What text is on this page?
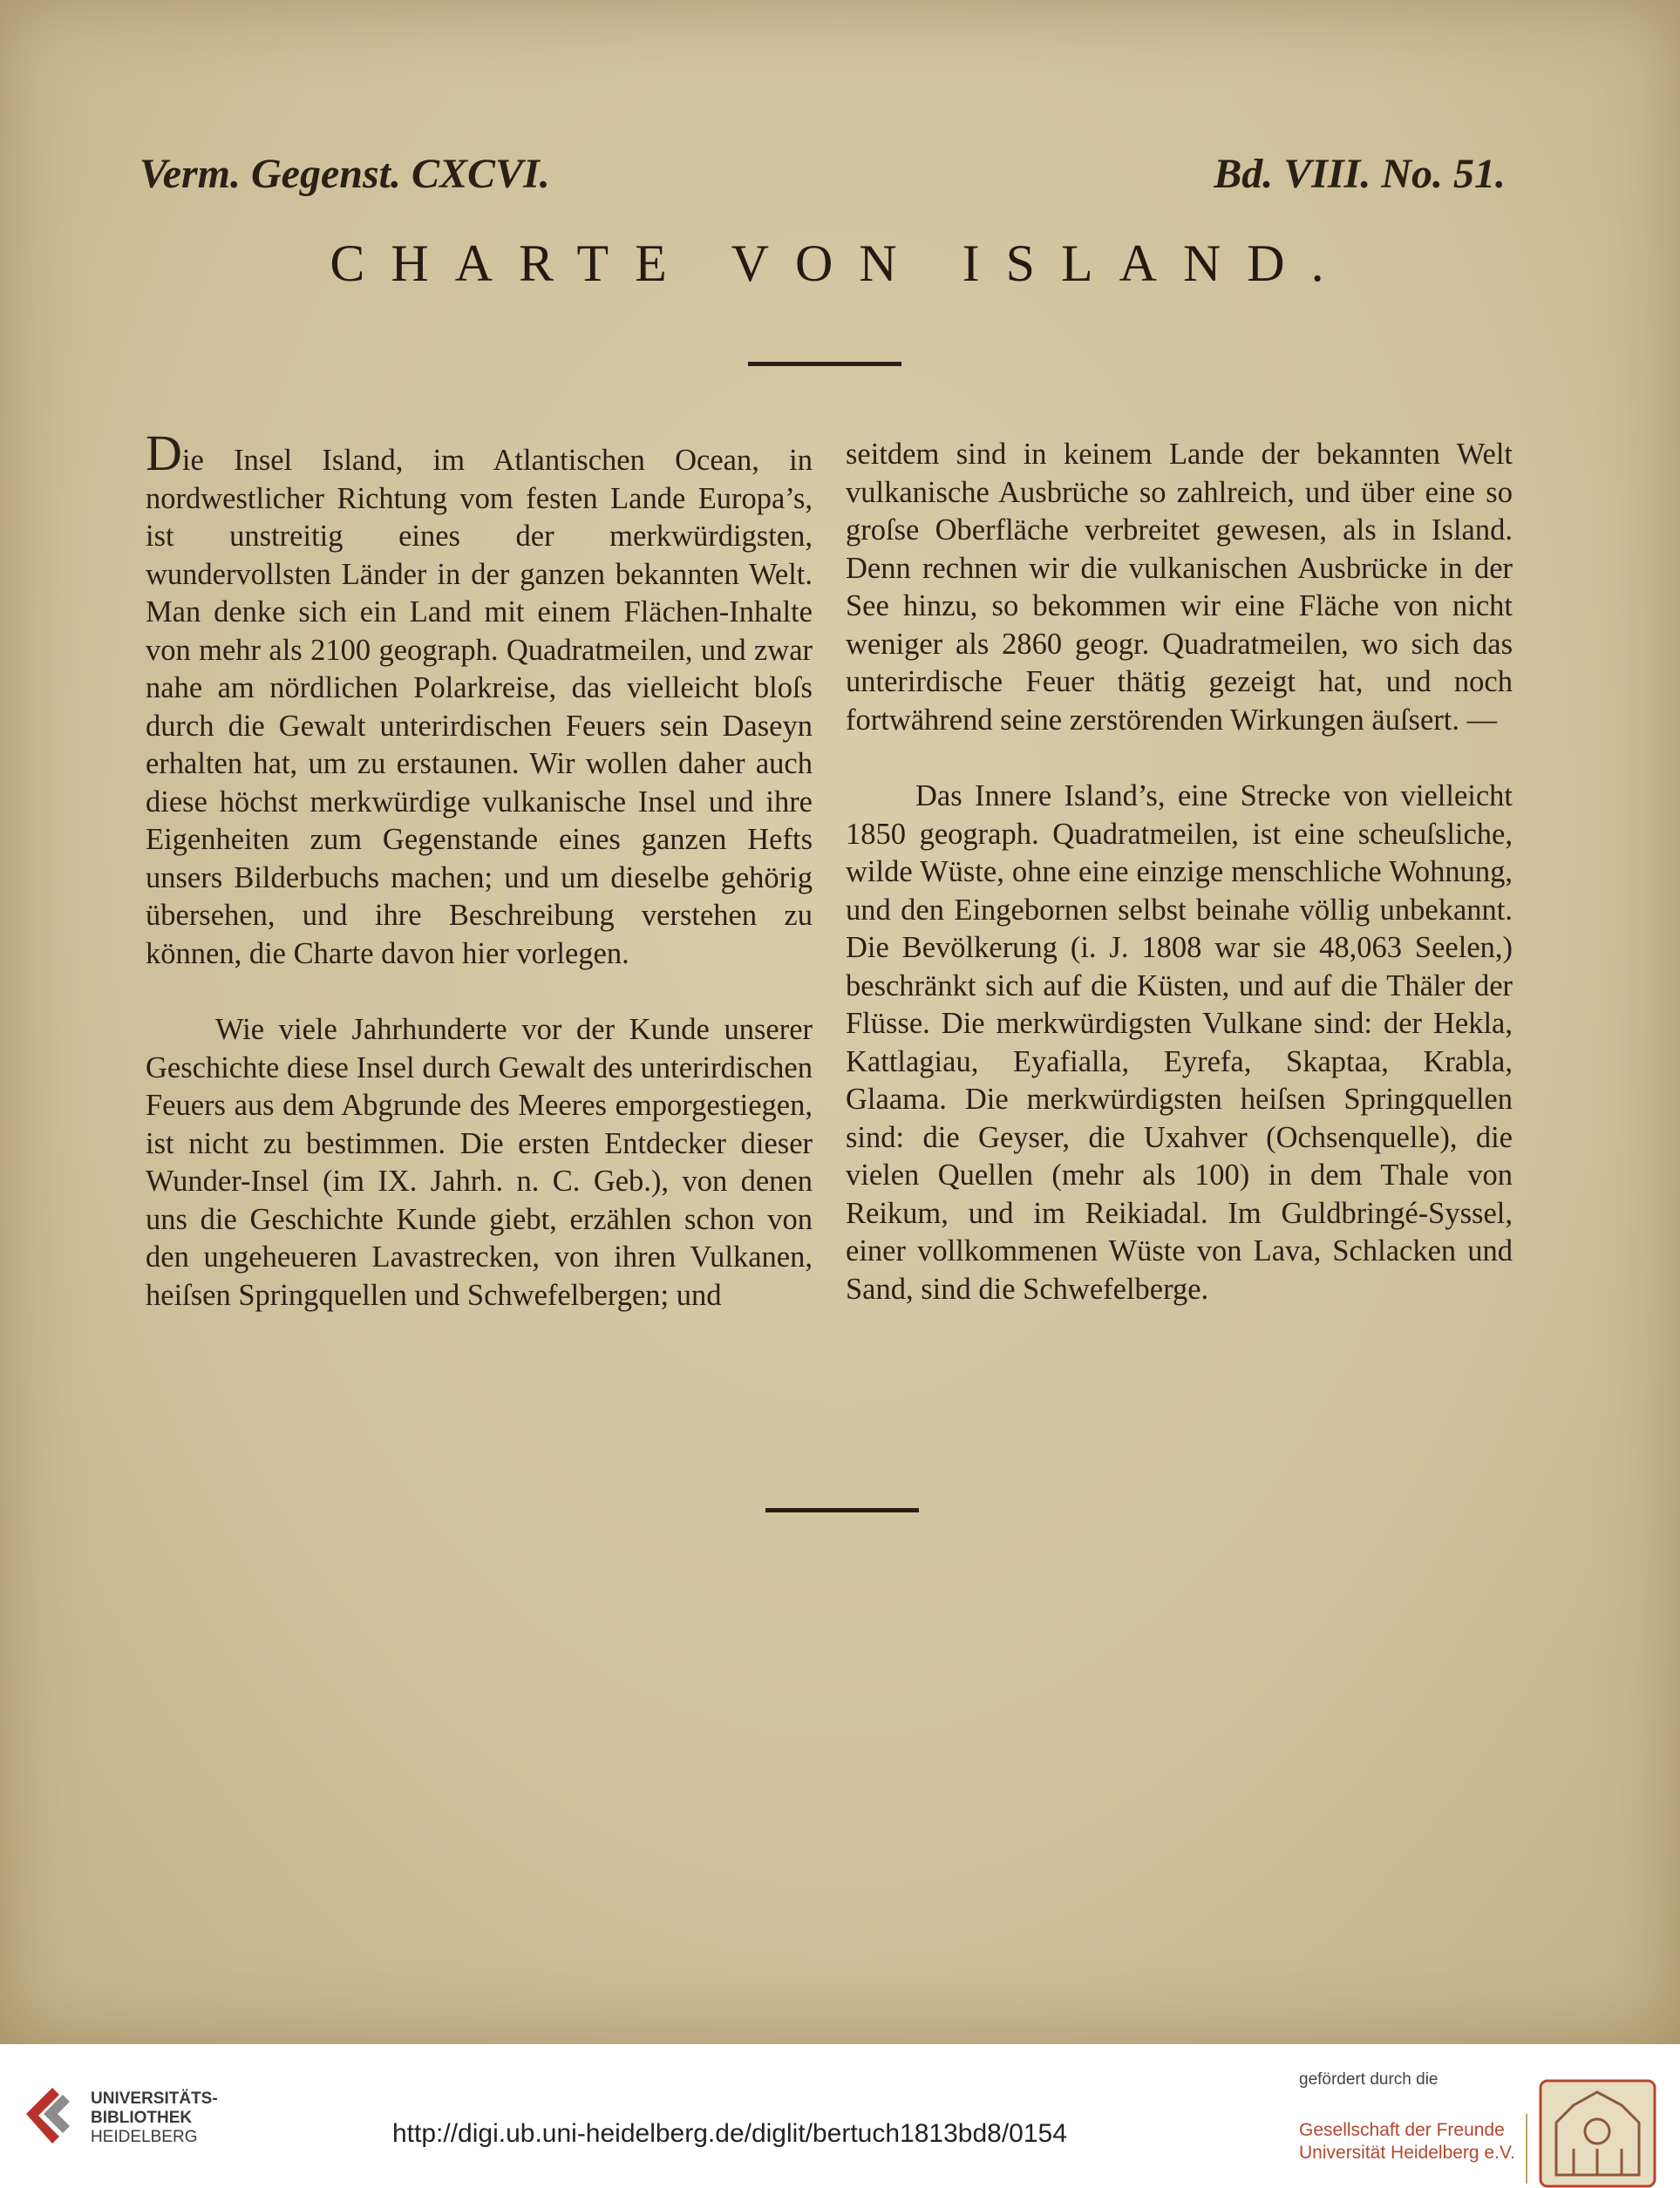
Verm. Gegenst. CXCVI.	Bd. VIII. No. 51.
CHARTE VON ISLAND.

Die Insel Island, im Atlantischen Ocean, in nordwestlicher Richtung vom festen Lande Europa’s, ist unstreitig eines der merkwürdigsten, wundervollsten Länder in der ganzen bekannten Welt. Man denke sich ein Land mit einem Flächen-Inhalte von mehr als 2100 geograph. Quadratmeilen, und zwar nahe am nördlichen Polarkreise, das vielleicht bloſs durch die Gewalt unterirdischen Feuers sein Daseyn erhalten hat, um zu erstaunen. Wir wollen daher auch diese höchst merkwürdige vulkanische Insel und ihre Eigenheiten zum Gegenstande eines ganzen Hefts unsers Bilderbuchs machen; und um dieselbe gehörig übersehen, und ihre Beschreibung verstehen zu können, die Charte davon hier vorlegen.

Wie viele Jahrhunderte vor der Kunde unserer Geschichte diese Insel durch Gewalt des unterirdischen Feuers aus dem Abgrunde des Meeres emporgestiegen, ist nicht zu bestimmen. Die ersten Entdecker dieser Wunder-Insel (im IX. Jahrh. n. C. Geb.), von denen uns die Geschichte Kunde giebt, erzählen schon von den ungeheueren Lavastrecken, von ihren Vulkanen, heiſsen Springquellen und Schwefelbergen; und

seitdem sind in keinem Lande der bekannten Welt vulkanische Ausbrüche so zahlreich, und über eine so groſse Oberfläche verbreitet gewesen, als in Island. Denn rechnen wir die vulkanischen Ausbrücke in der See hinzu, so bekommen wir eine Fläche von nicht weniger als 2860 geogr. Quadratmeilen, wo sich das unterirdische Feuer thätig gezeigt hat, und noch fortwährend seine zerstörenden Wirkungen äuſsert. —

Das Innere Island’s, eine Strecke von vielleicht 1850 geograph. Quadratmeilen, ist eine scheuſsliche, wilde Wüste, ohne eine einzige menschliche Wohnung, und den Eingebornen selbst beinahe völlig unbekannt. Die Bevölkerung (i. J. 1808 war sie 48,063 Seelen,) beschränkt sich auf die Küsten, und auf die Thäler der Flüsse. Die merkwürdigsten Vulkane sind: der Hekla, Kattlagiau, Eyafialla, Eyrefa, Skaptaa, Krabla, Glaama. Die merkwürdigsten heiſsen Springquellen sind: die Geyser, die Uxahver (Ochsenquelle), die vielen Quellen (mehr als 100) in dem Thale von Reikum, und im Reikiadal. Im Guldbringé-Syssel, einer vollkommenen Wüste von Lava, Schlacken und Sand, sind die Schwefelberge.

UNIVERSITÄTS-
BIBLIOTHEK
HEIDELBERG	http://digi.ub.uni-heidelberg.de/diglit/bertuch1813bd8/0154
gefördert durch die
Gesellschaft der Freunde
Universität Heidelberg e.V.
